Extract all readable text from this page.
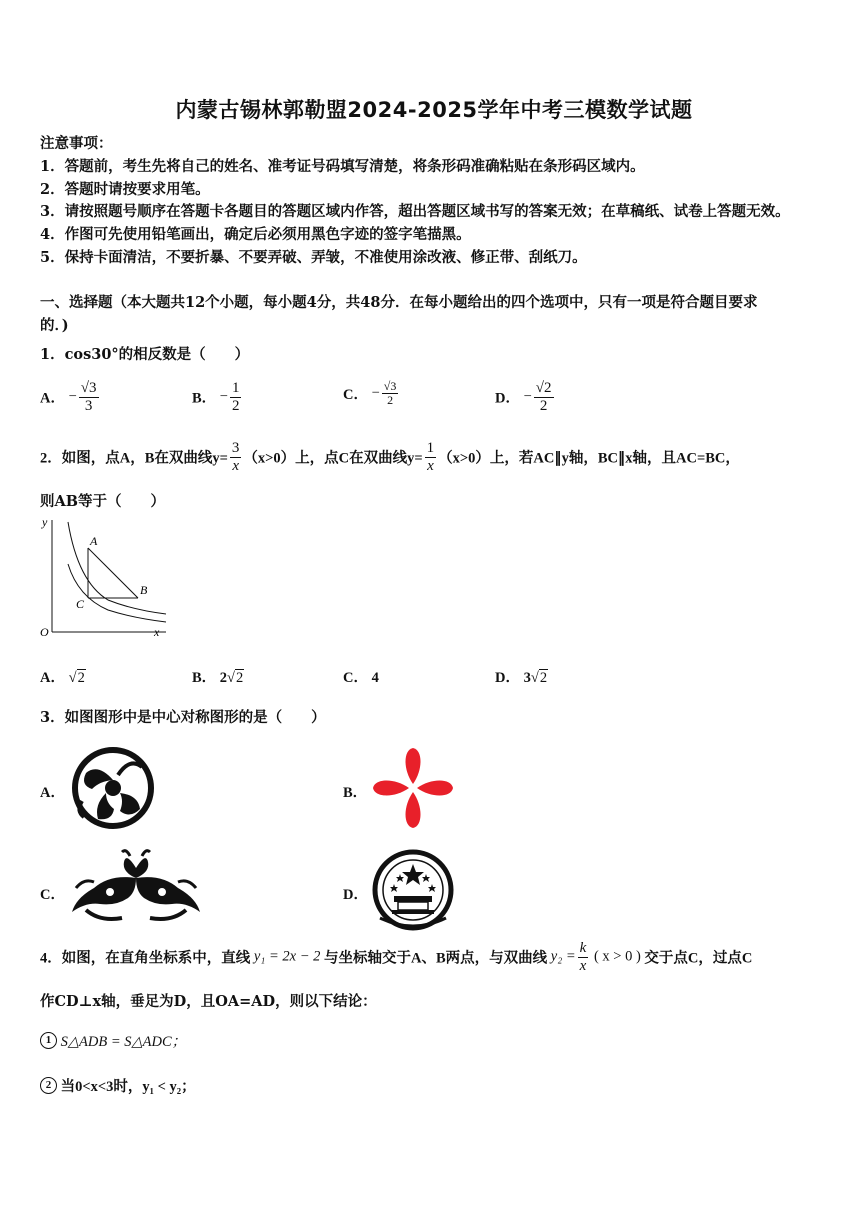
内蒙古锡林郭勒盟2024-2025学年中考三模数学试题
注意事项：
1．答题前，考生先将自己的姓名、准考证号码填写清楚，将条形码准确粘贴在条形码区域内。
2．答题时请按要求用笔。
3．请按照题号顺序在答题卡各题目的答题区域内作答，超出答题区域书写的答案无效；在草稿纸、试卷上答题无效。
4．作图可先使用铅笔画出，确定后必须用黑色字迹的签字笔描黑。
5．保持卡面清洁，不要折暴、不要弄破、弄皱，不准使用涂改液、修正带、刮纸刀。
一、选择题（本大题共12个小题，每小题4分，共48分．在每小题给出的四个选项中，只有一项是符合题目要求
的．)
1．cos30°的相反数是（　　）
A． − $\frac{√3}{3}$	B． − $\frac{1}{2}$	C． − $\frac{√3}{2}$	D． − $\frac{√2}{2}$
2．如图，点A，B在双曲线$y= \frac{3}{x} (x>0)$上，点C在双曲线$y= \frac{1}{x} (x>0)$上，若AC∥y轴，BC∥x轴，且AC=BC，
则AB等于（　　）
y
x
O
A
B
C
A． √2	B． 2√2	C． 4	D． 3√2
3．如图图形中是中心对称图形的是（　　）
A．	B．
C．	D．
4．如图，在直角坐标系中，直线 y₁ = 2x − 2 与坐标轴交于A、B两点，与双曲线 $y_2 = \frac{k}{x}$ ( x > 0 ) 交于点C，过点C
作CD⊥x轴，垂足为D，且OA=AD，则以下结论：
1 S△ADB = S△ADC；
2 当0<x<3时，y₁ < y₂；
